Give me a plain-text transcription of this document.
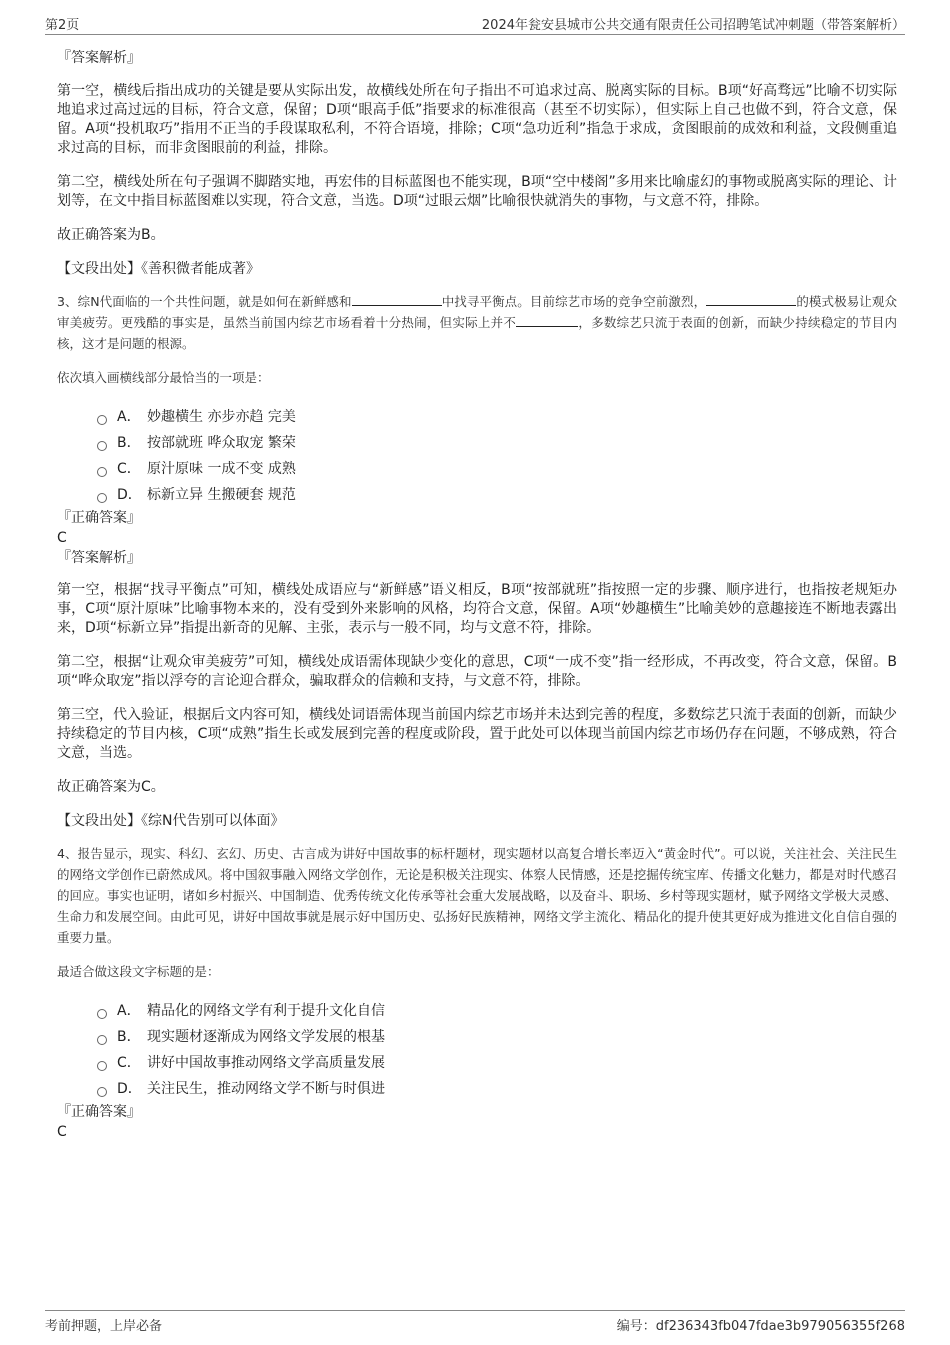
第2页	2024年瓮安县城市公共交通有限责任公司招聘笔试冲刺题（带答案解析）

『答案解析』

第一空，横线后指出成功的关键是要从实际出发，故横线处所在句子指出不可追求过高、脱离实际的目标。B项“好高骛远”比喻不切实际地追求过高过远的目标，符合文意，保留；D项“眼高手低”指要求的标准很高（甚至不切实际），但实际上自己也做不到，符合文意，保留。A项“投机取巧”指用不正当的手段谋取私利，不符合语境，排除；C项“急功近利”指急于求成，贪图眼前的成效和利益，文段侧重追求过高的目标，而非贪图眼前的利益，排除。

第二空，横线处所在句子强调不脚踏实地，再宏伟的目标蓝图也不能实现，B项“空中楼阁”多用来比喻虚幻的事物或脱离实际的理论、计划等，在文中指目标蓝图难以实现，符合文意，当选。D项“过眼云烟”比喻很快就消失的事物，与文意不符，排除。

故正确答案为B。

【文段出处】《善积微者能成著》

3、综N代面临的一个共性问题，就是如何在新鲜感和	中找寻平衡点。目前综艺市场的竞争空前激烈，	的模式极易让观众审美疲劳。更残酷的事实是，虽然当前国内综艺市场看着十分热闹，但实际上并不	，多数综艺只流于表面的创新，而缺少持续稳定的节目内核，这才是问题的根源。

依次填入画横线部分最恰当的一项是：

A． 妙趣横生 亦步亦趋 完美
B． 按部就班 哗众取宠 繁荣
C． 原汁原味 一成不变 成熟
D． 标新立异 生搬硬套 规范

『正确答案』

C

『答案解析』

第一空，根据“找寻平衡点”可知，横线处成语应与“新鲜感”语义相反，B项“按部就班”指按照一定的步骤、顺序进行，也指按老规矩办事，C项“原汁原味”比喻事物本来的，没有受到外来影响的风格，均符合文意，保留。A项“妙趣横生”比喻美妙的意趣接连不断地表露出来，D项“标新立异”指提出新奇的见解、主张，表示与一般不同，均与文意不符，排除。

第二空，根据“让观众审美疲劳”可知，横线处成语需体现缺少变化的意思，C项“一成不变”指一经形成，不再改变，符合文意，保留。B项“哗众取宠”指以浮夸的言论迎合群众，骗取群众的信赖和支持，与文意不符，排除。

第三空，代入验证，根据后文内容可知，横线处词语需体现当前国内综艺市场并未达到完善的程度，多数综艺只流于表面的创新，而缺少持续稳定的节目内核，C项“成熟”指生长或发展到完善的程度或阶段，置于此处可以体现当前国内综艺市场仍存在问题，不够成熟，符合文意，当选。

故正确答案为C。

【文段出处】《综N代告别可以体面》

4、报告显示，现实、科幻、玄幻、历史、古言成为讲好中国故事的标杆题材，现实题材以高复合增长率迈入“黄金时代”。可以说，关注社会、关注民生的网络文学创作已蔚然成风。将中国叙事融入网络文学创作，无论是积极关注现实、体察人民情感，还是挖掘传统宝库、传播文化魅力，都是对时代感召的回应。事实也证明，诸如乡村振兴、中国制造、优秀传统文化传承等社会重大发展战略，以及奋斗、职场、乡村等现实题材，赋予网络文学极大灵感、生命力和发展空间。由此可见，讲好中国故事就是展示好中国历史、弘扬好民族精神，网络文学主流化、精品化的提升使其更好成为推进文化自信自强的重要力量。

最适合做这段文字标题的是：

A． 精品化的网络文学有利于提升文化自信
B． 现实题材逐渐成为网络文学发展的根基
C． 讲好中国故事推动网络文学高质量发展
D． 关注民生，推动网络文学不断与时俱进

『正确答案』

C

考前押题，上岸必备	编号：df236343fb047fdae3b979056355f268
